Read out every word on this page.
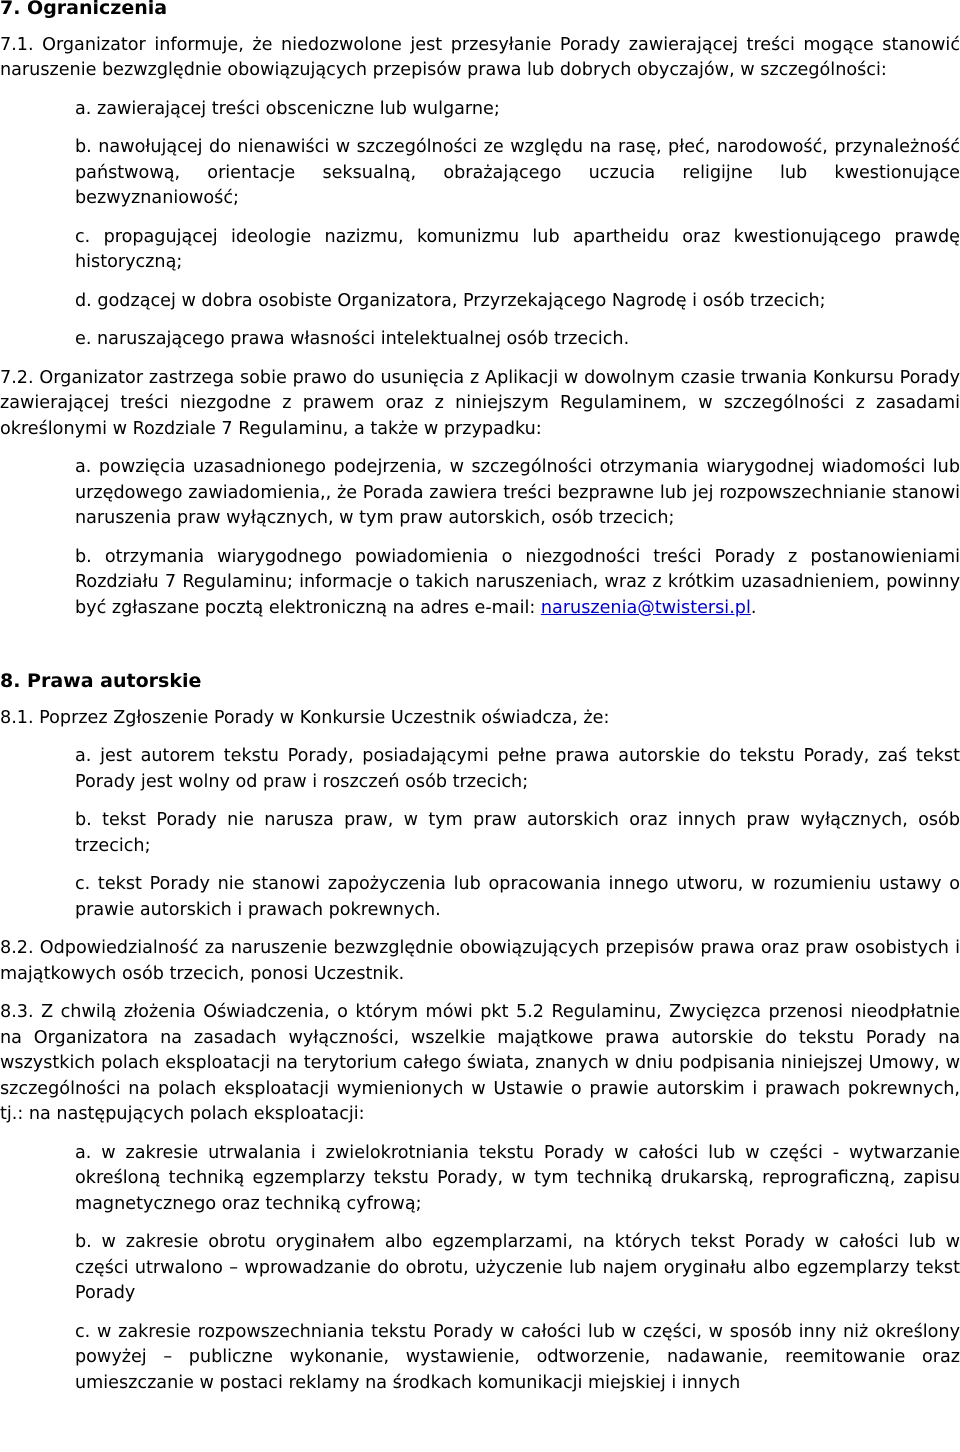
7. Ograniczenia

7.1. Organizator informuje, że niedozwolone jest przesyłanie Porady zawierającej treści mogące stanowić naruszenie bezwzględnie obowiązujących przepisów prawa lub dobrych obyczajów, w szczególności:

a. zawierającej treści obsceniczne lub wulgarne;

b. nawołującej do nienawiści w szczególności ze względu na rasę, płeć, narodowość, przynależność państwową, orientacje seksualną, obrażającego uczucia religijne lub kwestionujące bezwyznaniowość;

c. propagującej ideologie nazizmu, komunizmu lub apartheidu oraz kwestionującego prawdę historyczną;

d. godzącej w dobra osobiste Organizatora, Przyrzekającego Nagrodę i osób trzecich;

e. naruszającego prawa własności intelektualnej osób trzecich.

7.2. Organizator zastrzega sobie prawo do usunięcia z Aplikacji w dowolnym czasie trwania Konkursu Porady zawierającej treści niezgodne z prawem oraz z niniejszym Regulaminem, w szczególności z zasadami określonymi w Rozdziale 7 Regulaminu, a także w przypadku:

a. powzięcia uzasadnionego podejrzenia, w szczególności otrzymania wiarygodnej wiadomości lub urzędowego zawiadomienia,, że Porada zawiera treści bezprawne lub jej rozpowszechnianie stanowi naruszenia praw wyłącznych, w tym praw autorskich, osób trzecich;

b. otrzymania wiarygodnego powiadomienia o niezgodności treści Porady z postanowieniami Rozdziału 7 Regulaminu; informacje o takich naruszeniach, wraz z krótkim uzasadnieniem, powinny być zgłaszane pocztą elektroniczną na adres e-mail: naruszenia@twistersi.pl.

8. Prawa autorskie

8.1. Poprzez Zgłoszenie Porady w Konkursie Uczestnik oświadcza, że:

a. jest autorem tekstu Porady, posiadającymi pełne prawa autorskie do tekstu Porady, zaś tekst Porady jest wolny od praw i roszczeń osób trzecich;

b. tekst Porady nie narusza praw, w tym praw autorskich oraz innych praw wyłącznych, osób trzecich;

c. tekst Porady nie stanowi zapożyczenia lub opracowania innego utworu, w rozumieniu ustawy o prawie autorskich i prawach pokrewnych.

8.2. Odpowiedzialność za naruszenie bezwzględnie obowiązujących przepisów prawa oraz praw osobistych i majątkowych osób trzecich, ponosi Uczestnik.

8.3. Z chwilą złożenia Oświadczenia, o którym mówi pkt 5.2 Regulaminu, Zwycięzca przenosi nieodpłatnie na Organizatora na zasadach wyłączności, wszelkie majątkowe prawa autorskie do tekstu Porady na wszystkich polach eksploatacji na terytorium całego świata, znanych w dniu podpisania niniejszej Umowy, w szczególności na polach eksploatacji wymienionych w Ustawie o prawie autorskim i prawach pokrewnych, tj.: na następujących polach eksploatacji:

a. w zakresie utrwalania i zwielokrotniania tekstu Porady w całości lub w części - wytwarzanie określoną techniką egzemplarzy tekstu Porady, w tym techniką drukarską, reprograficzną, zapisu magnetycznego oraz techniką cyfrową;

b. w zakresie obrotu oryginałem albo egzemplarzami, na których tekst Porady w całości lub w części utrwalono – wprowadzanie do obrotu, użyczenie lub najem oryginału albo egzemplarzy tekst Porady

c. w zakresie rozpowszechniania tekstu Porady w całości lub w części, w sposób inny niż określony powyżej – publiczne wykonanie, wystawienie, odtworzenie, nadawanie, reemitowanie oraz umieszczanie w postaci reklamy na środkach komunikacji miejskiej i innych
